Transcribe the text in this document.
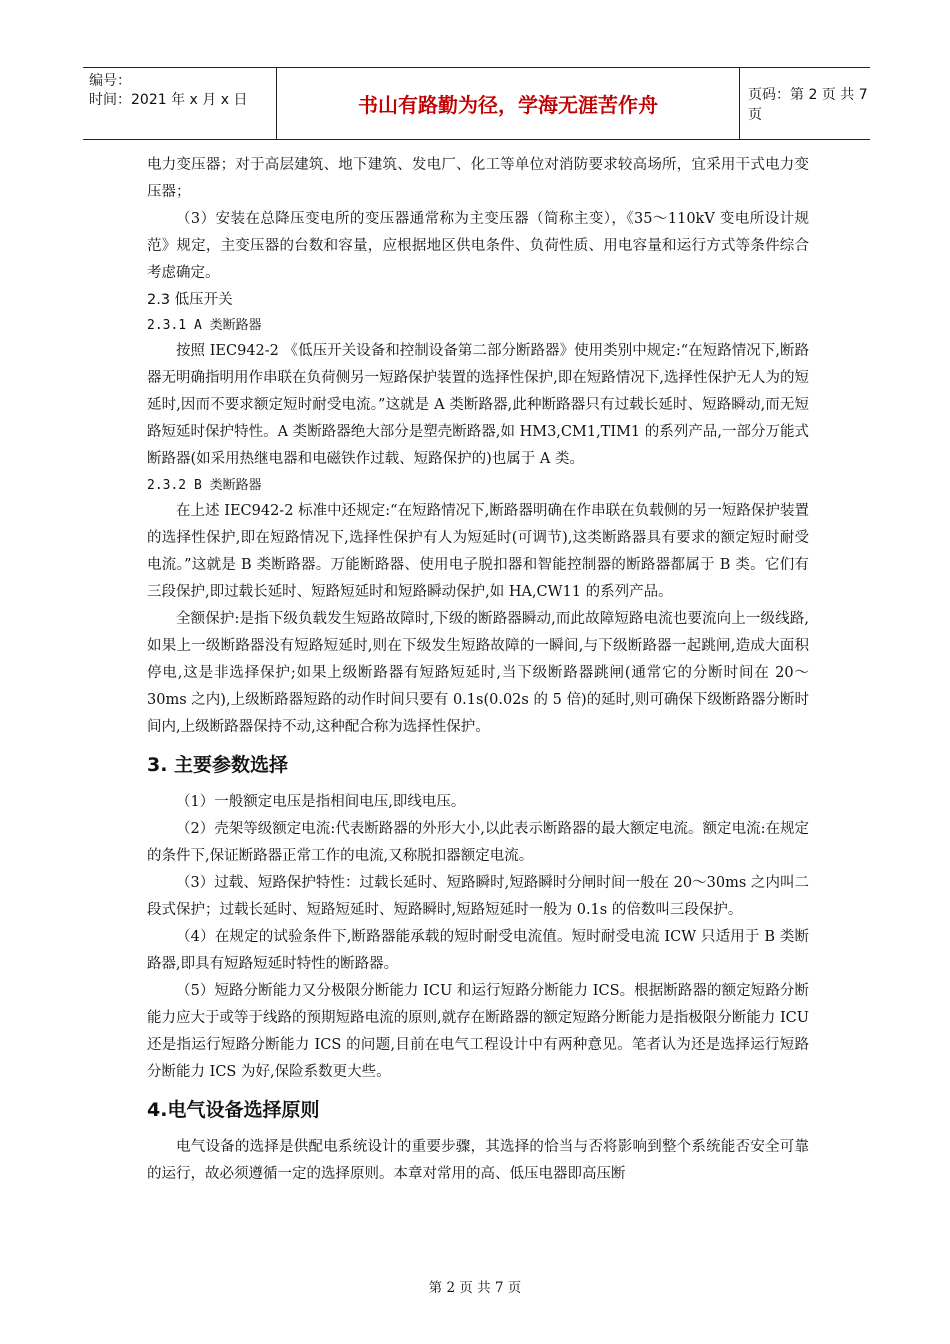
编号：
时间：2021 年 x 月 x 日	书山有路勤为径，学海无涯苦作舟	页码：第 2 页 共 7 页

电力变压器；对于高层建筑、地下建筑、发电厂、化工等单位对消防要求较高场所，宜采用干式电力变压器；

（3）安装在总降压变电所的变压器通常称为主变压器（简称主变），《35～110kV 变电所设计规范》规定，主变压器的台数和容量，应根据地区供电条件、负荷性质、用电容量和运行方式等条件综合考虑确定。

2.3 低压开关

2.3.1 A 类断路器

按照 IEC942-2 《低压开关设备和控制设备第二部分断路器》使用类别中规定:“在短路情况下,断路器无明确指明用作串联在负荷侧另一短路保护装置的选择性保护,即在短路情况下,选择性保护无人为的短延时,因而不要求额定短时耐受电流。”这就是 A 类断路器,此种断路器只有过载长延时、短路瞬动,而无短路短延时保护特性。A 类断路器绝大部分是塑壳断路器,如 HM3,CM1,TIM1 的系列产品,一部分万能式断路器(如采用热继电器和电磁铁作过载、短路保护的)也属于 A 类。

2.3.2 B 类断路器

在上述 IEC942-2 标准中还规定:“在短路情况下,断路器明确在作串联在负载侧的另一短路保护装置的选择性保护,即在短路情况下,选择性保护有人为短延时(可调节),这类断路器具有要求的额定短时耐受电流。”这就是 B 类断路器。万能断路器、使用电子脱扣器和智能控制器的断路器都属于 B 类。它们有三段保护,即过载长延时、短路短延时和短路瞬动保护,如 HA,CW11 的系列产品。

全额保护:是指下级负载发生短路故障时,下级的断路器瞬动,而此故障短路电流也要流向上一级线路,如果上一级断路器没有短路短延时,则在下级发生短路故障的一瞬间,与下级断路器一起跳闸,造成大面积停电,这是非选择保护;如果上级断路器有短路短延时,当下级断路器跳闸(通常它的分断时间在 20～30ms 之内),上级断路器短路的动作时间只要有 0.1s(0.02s 的 5 倍)的延时,则可确保下级断路器分断时间内,上级断路器保持不动,这种配合称为选择性保护。

3. 主要参数选择

（1）一般额定电压是指相间电压,即线电压。

（2）壳架等级额定电流:代表断路器的外形大小,以此表示断路器的最大额定电流。额定电流:在规定的条件下,保证断路器正常工作的电流,又称脱扣器额定电流。

（3）过载、短路保护特性：过载长延时、短路瞬时,短路瞬时分闸时间一般在 20～30ms 之内叫二段式保护；过载长延时、短路短延时、短路瞬时,短路短延时一般为 0.1s 的倍数叫三段保护。

（4）在规定的试验条件下,断路器能承载的短时耐受电流值。短时耐受电流 ICW 只适用于 B 类断路器,即具有短路短延时特性的断路器。

（5）短路分断能力又分极限分断能力 ICU 和运行短路分断能力 ICS。根据断路器的额定短路分断能力应大于或等于线路的预期短路电流的原则,就存在断路器的额定短路分断能力是指极限分断能力 ICU 还是指运行短路分断能力 ICS 的问题,目前在电气工程设计中有两种意见。笔者认为还是选择运行短路分断能力 ICS 为好,保险系数更大些。

4.电气设备选择原则

电气设备的选择是供配电系统设计的重要步骤，其选择的恰当与否将影响到整个系统能否安全可靠的运行，故必须遵循一定的选择原则。本章对常用的高、低压电器即高压断

第 2 页 共 7 页
